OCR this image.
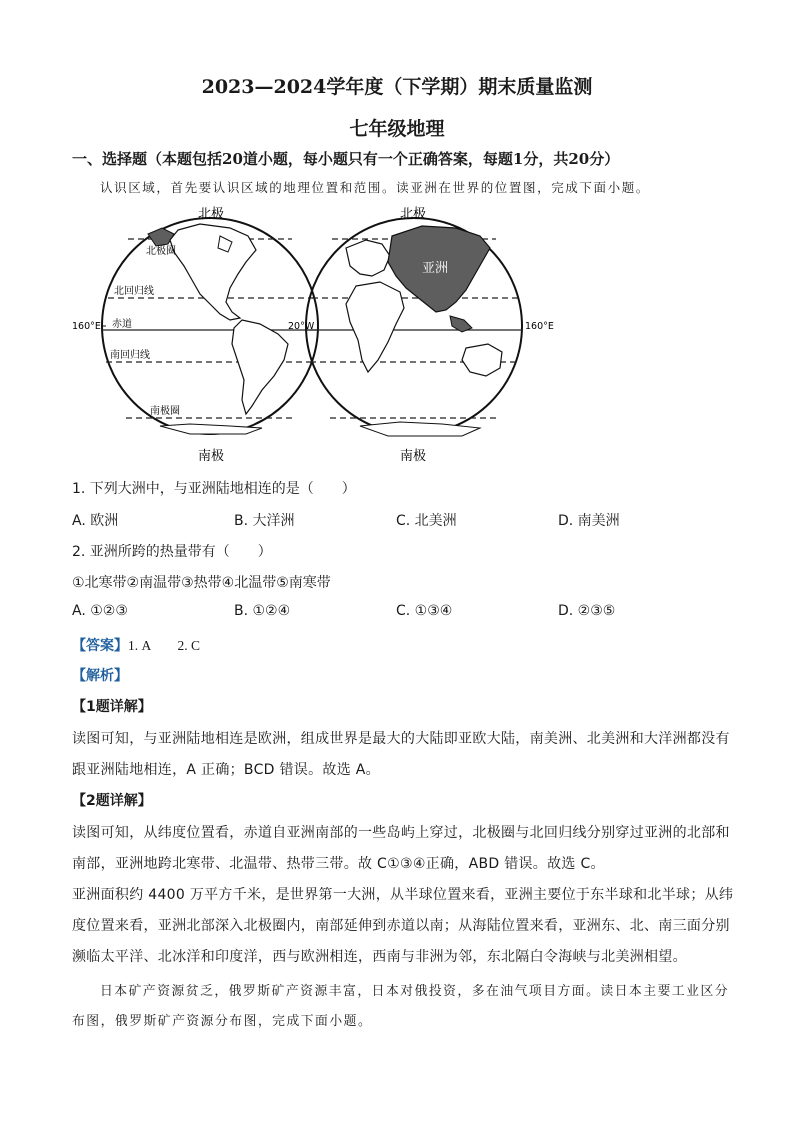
2023—2024学年度（下学期）期末质量监测
七年级地理
一、选择题（本题包括20道小题，每小题只有一个正确答案，每题1分，共20分）
认识区域，首先要认识区域的地理位置和范围。读亚洲在世界的位置图，完成下面小题。
北极	北极
南极	南极
北极圈
北回归线
赤道
南回归线
南极圈
160°E	20°W	160°E
亚洲
1. 下列大洲中，与亚洲陆地相连的是（　　）
A. 欧洲	B. 大洋洲	C. 北美洲	D. 南美洲
2. 亚洲所跨的热量带有（　　）
①北寒带②南温带③热带④北温带⑤南寒带
A. ①②③	B. ①②④	C. ①③④	D. ②③⑤
【答案】1. A　　2. C
【解析】
【1题详解】
读图可知，与亚洲陆地相连是欧洲，组成世界是最大的大陆即亚欧大陆，南美洲、北美洲和大洋洲都没有
跟亚洲陆地相连，A 正确；BCD 错误。故选 A。
【2题详解】
读图可知，从纬度位置看，赤道自亚洲南部的一些岛屿上穿过，北极圈与北回归线分别穿过亚洲的北部和
南部，亚洲地跨北寒带、北温带、热带三带。故 C①③④正确，ABD 错误。故选 C。
亚洲面积约 4400 万平方千米，是世界第一大洲，从半球位置来看，亚洲主要位于东半球和北半球；从纬
度位置来看，亚洲北部深入北极圈内，南部延伸到赤道以南；从海陆位置来看，亚洲东、北、南三面分别
濒临太平洋、北冰洋和印度洋，西与欧洲相连，西南与非洲为邻，东北隔白令海峡与北美洲相望。
日本矿产资源贫乏，俄罗斯矿产资源丰富，日本对俄投资，多在油气项目方面。读日本主要工业区分
布图，俄罗斯矿产资源分布图，完成下面小题。
